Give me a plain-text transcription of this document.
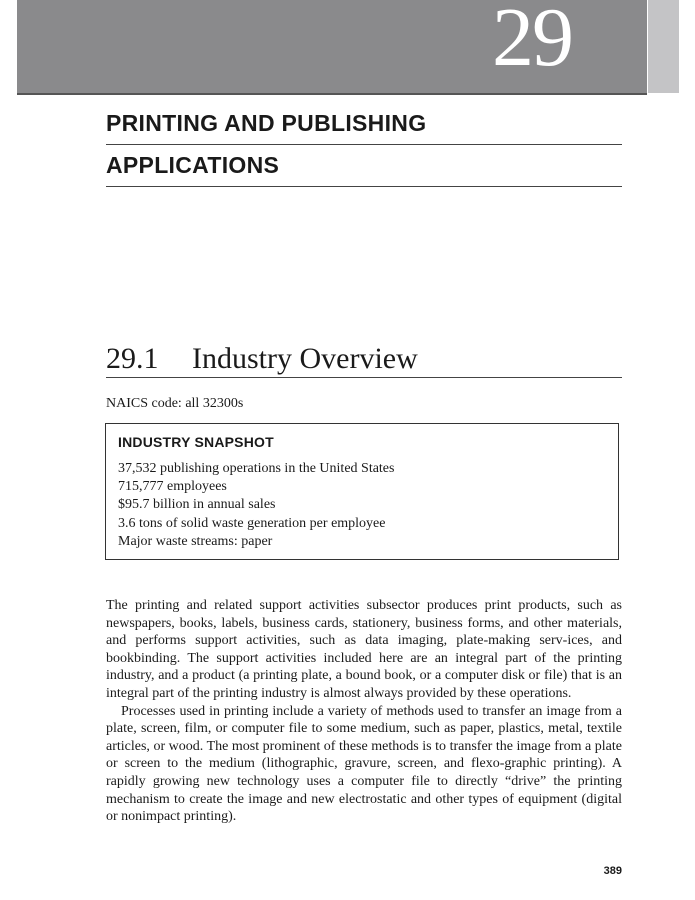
29
PRINTING AND PUBLISHING
APPLICATIONS
29.1 Industry Overview
NAICS code: all 32300s
INDUSTRY SNAPSHOT
37,532 publishing operations in the United States
715,777 employees
$95.7 billion in annual sales
3.6 tons of solid waste generation per employee
Major waste streams: paper

The printing and related support activities subsector produces print products, such as newspapers, books, labels, business cards, stationery, business forms, and other materials, and performs support activities, such as data imaging, plate-making serv-ices, and bookbinding. The support activities included here are an integral part of the printing industry, and a product (a printing plate, a bound book, or a computer disk or file) that is an integral part of the printing industry is almost always provided by these operations.

Processes used in printing include a variety of methods used to transfer an image from a plate, screen, film, or computer file to some medium, such as paper, plastics, metal, textile articles, or wood. The most prominent of these methods is to transfer the image from a plate or screen to the medium (lithographic, gravure, screen, and flexo-graphic printing). A rapidly growing new technology uses a computer file to directly “drive” the printing mechanism to create the image and new electrostatic and other types of equipment (digital or nonimpact printing).

389
